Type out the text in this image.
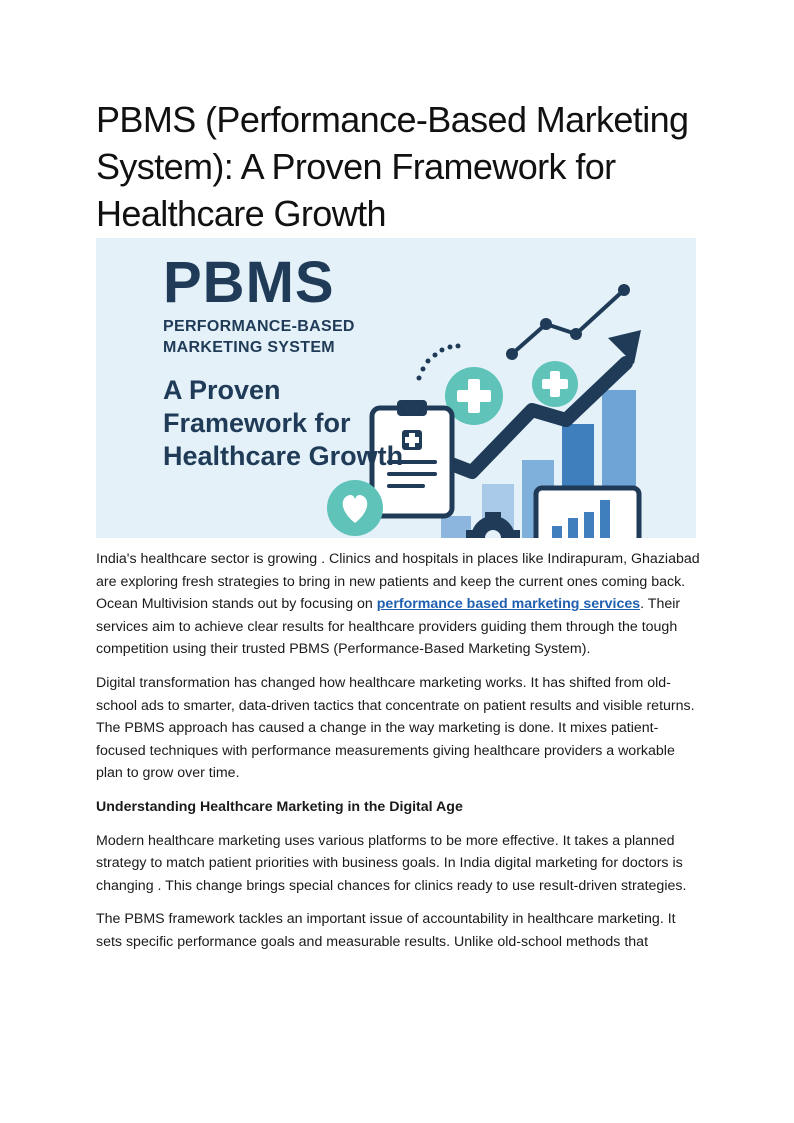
PBMS (Performance-Based Marketing System): A Proven Framework for Healthcare Growth
PBMS
PERFORMANCE-BASED MARKETING SYSTEM
A Proven Framework for Healthcare Growth

India's healthcare sector is growing . Clinics and hospitals in places like Indirapuram, Ghaziabad are exploring fresh strategies to bring in new patients and keep the current ones coming back. Ocean Multivision stands out by focusing on performance based marketing services. Their services aim to achieve clear results for healthcare providers guiding them through the tough competition using their trusted PBMS (Performance-Based Marketing System).

Digital transformation has changed how healthcare marketing works. It has shifted from old-school ads to smarter, data-driven tactics that concentrate on patient results and visible returns. The PBMS approach has caused a change in the way marketing is done. It mixes patient-focused techniques with performance measurements giving healthcare providers a workable plan to grow over time.

Understanding Healthcare Marketing in the Digital Age

Modern healthcare marketing uses various platforms to be more effective. It takes a planned strategy to match patient priorities with business goals. In India digital marketing for doctors is changing . This change brings special chances for clinics ready to use result-driven strategies.

The PBMS framework tackles an important issue of accountability in healthcare marketing. It sets specific performance goals and measurable results. Unlike old-school methods that
